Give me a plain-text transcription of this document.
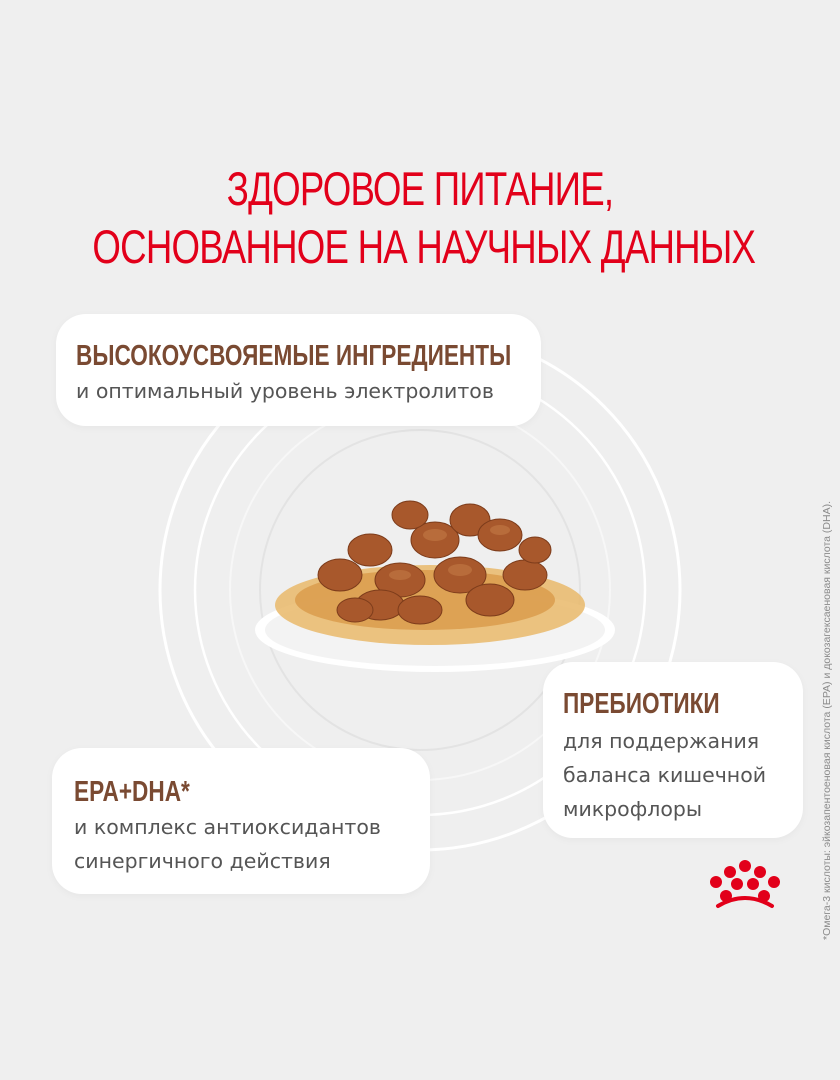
ЗДОРОВОЕ ПИТАНИЕ,
ОСНОВАННОЕ НА НАУЧНЫХ ДАННЫХ
ВЫСОКОУСВОЯЕМЫЕ ИНГРЕДИЕНТЫ
и оптимальный уровень электролитов
EPA+DHA*
и комплекс антиоксидантов
синергичного действия
ПРЕБИОТИКИ
для поддержания
баланса кишечной
микрофлоры	*Омега-3 кислоты: эйкозапентоеновая кислота (EPA) и докозагексаеновая кислота (DHA).
